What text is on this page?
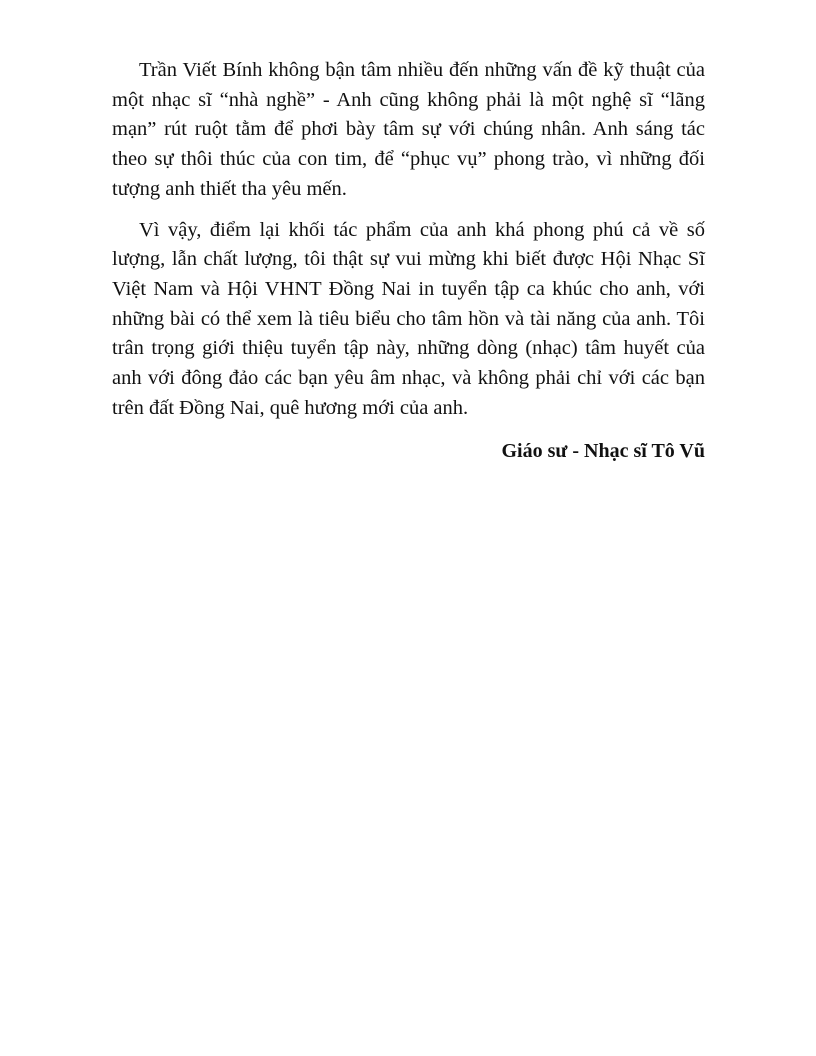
Trần Viết Bính không bận tâm nhiều đến những vấn đề kỹ thuật của một nhạc sĩ “nhà nghề” - Anh cũng không phải là một nghệ sĩ “lãng mạn” rút ruột tằm để phơi bày tâm sự với chúng nhân. Anh sáng tác theo sự thôi thúc của con tim, để “phục vụ” phong trào, vì những đối tượng anh thiết tha yêu mến.

Vì vậy, điểm lại khối tác phẩm của anh khá phong phú cả về số lượng, lẫn chất lượng, tôi thật sự vui mừng khi biết được Hội Nhạc Sĩ Việt Nam và Hội VHNT Đồng Nai in tuyển tập ca khúc cho anh, với những bài có thể xem là tiêu biểu cho tâm hồn và tài năng của anh. Tôi trân trọng giới thiệu tuyển tập này, những dòng (nhạc) tâm huyết của anh với đông đảo các bạn yêu âm nhạc, và không phải chỉ với các bạn trên đất Đồng Nai, quê hương mới của anh.

Giáo sư - Nhạc sĩ Tô Vũ
